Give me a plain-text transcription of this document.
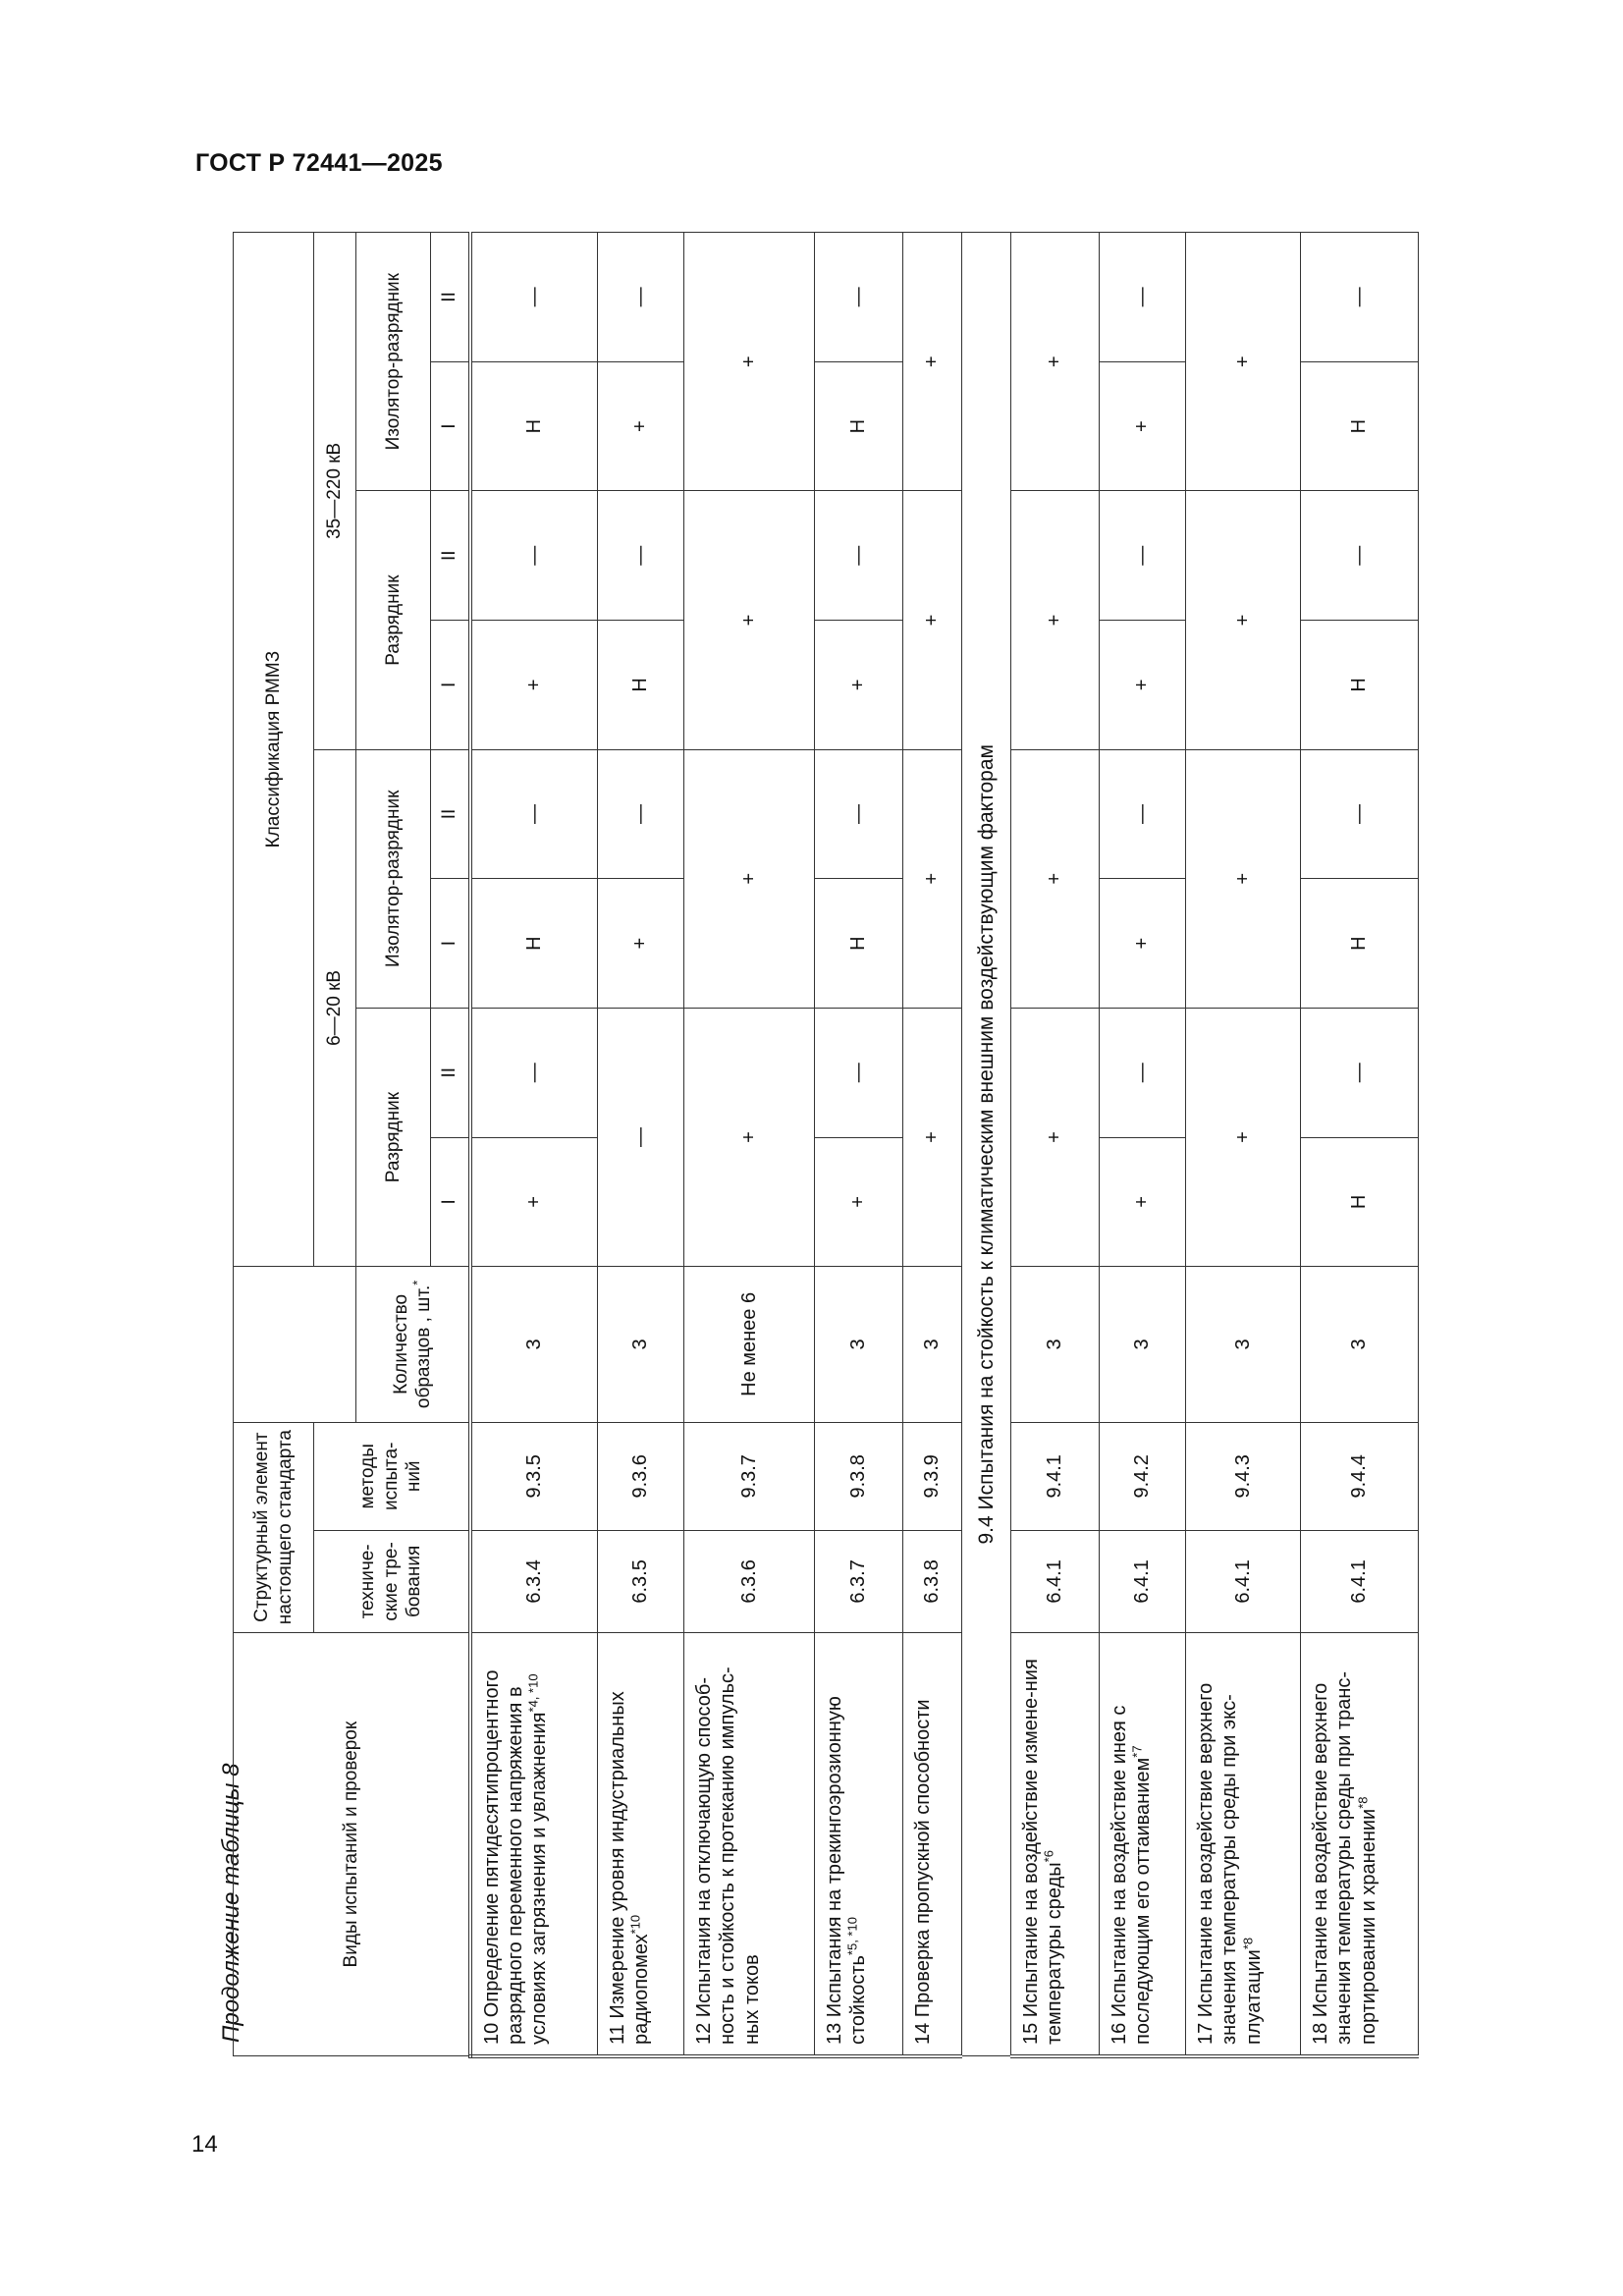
ГОСТ Р 72441—2025
Продолжение таблицы 8
14
Виды испытаний и проверок	Структурный элемент настоящего стандарта			Классификация РММЗ							
	техниче-ские тре-бования	методы испыта-ний		6—20 кВ				35—220 кВ			
			Количество образцов , шт.*	Разрядник		Изолятор-разрядник		Разрядник		Изолятор-разрядник	
				I	II	I	II	I	II	I	II
10 Определение пятидесятипроцентного разрядного переменного напряжения в условиях загрязнения и увлажнения$^{*4, *10}$	6.3.4	9.3.5	3	+	—	Н	—	+	—	Н	—
11 Измерение уровня индустриальных радиопомех$^{*10}$	6.3.5	9.3.6	3	—		+	—	Н	—	+	—
12 Испытания на отключающую способ-ность и стойкость к протеканию импульс-ных токов	6.3.6	9.3.7	Не менее 6	+		+		+		+	
13 Испытания на трекингоэрозионную стойкость$^{*5, *10}$	6.3.7	9.3.8	3	+	—	Н	—	+	—	Н	—
14 Проверка пропускной способности	6.3.8	9.3.9	3	+		+		+		+	
9.4 Испытания на стойкость к климатическим внешним воздействующим факторам											
15 Испытание на воздействие измене-ния температуры среды$^{*6}$	6.4.1	9.4.1	3	+		+		+		+	
16 Испытание на воздействие инея с последующим его оттаиванием$^{*7}$	6.4.1	9.4.2	3	+	—	+	—	+	—	+	—
17 Испытание на воздействие верхнего значения температуры среды при экс-плуатации$^{*8}$	6.4.1	9.4.3	3	+		+		+		+	
18 Испытание на воздействие верхнего значения температуры среды при транс-портировании и хранении$^{*8}$	6.4.1	9.4.4	3	Н	—	Н	—	Н	—	Н	—
